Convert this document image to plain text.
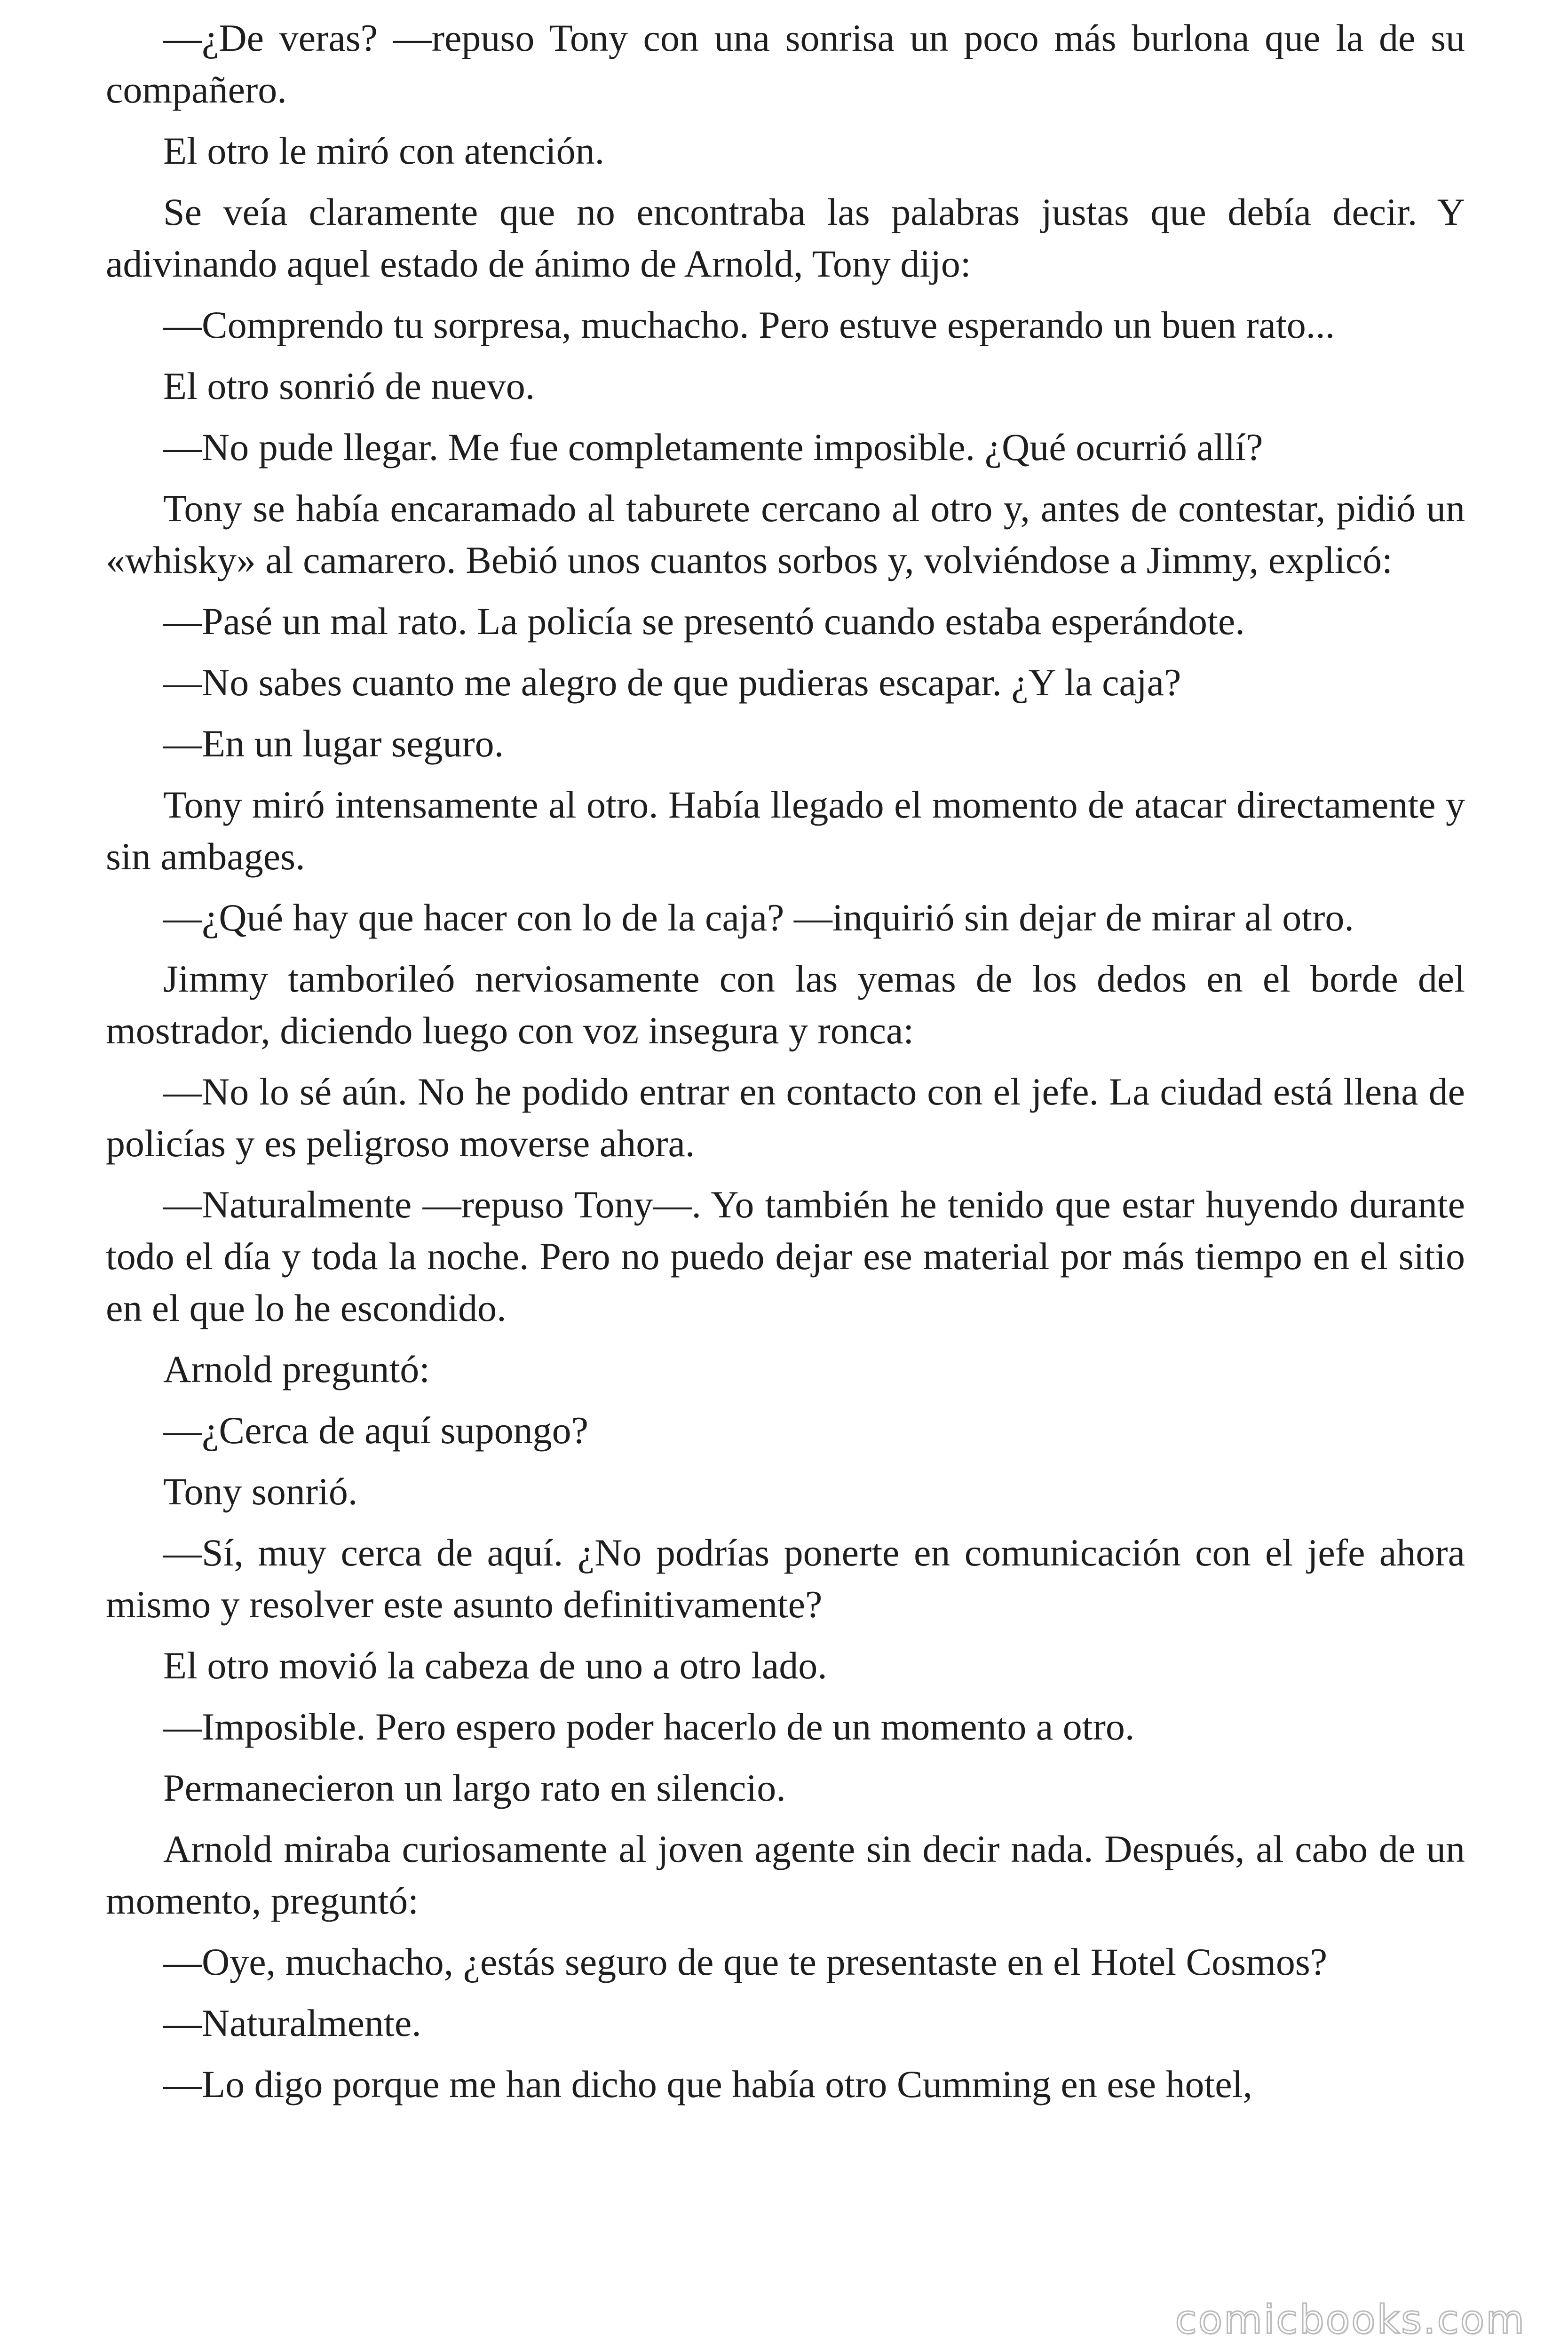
—¿De veras? —repuso Tony con una sonrisa un poco más burlona que la de su compañero.

El otro le miró con atención.

Se veía claramente que no encontraba las palabras justas que debía decir. Y adivinando aquel estado de ánimo de Arnold, Tony dijo:

—Comprendo tu sorpresa, muchacho. Pero estuve esperando un buen rato...

El otro sonrió de nuevo.

—No pude llegar. Me fue completamente imposible. ¿Qué ocurrió allí?

Tony se había encaramado al taburete cercano al otro y, antes de contestar, pidió un «whisky» al camarero. Bebió unos cuantos sorbos y, volviéndose a Jimmy, explicó:

—Pasé un mal rato. La policía se presentó cuando estaba esperándote.

—No sabes cuanto me alegro de que pudieras escapar. ¿Y la caja?

—En un lugar seguro.

Tony miró intensamente al otro. Había llegado el momento de atacar directamente y sin ambages.

—¿Qué hay que hacer con lo de la caja? —inquirió sin dejar de mirar al otro.

Jimmy tamborileó nerviosamente con las yemas de los dedos en el borde del mostrador, diciendo luego con voz insegura y ronca:

—No lo sé aún. No he podido entrar en contacto con el jefe. La ciudad está llena de policías y es peligroso moverse ahora.

—Naturalmente —repuso Tony—. Yo también he tenido que estar huyendo durante todo el día y toda la noche. Pero no puedo dejar ese material por más tiempo en el sitio en el que lo he escondido.

Arnold preguntó:

—¿Cerca de aquí supongo?

Tony sonrió.

—Sí, muy cerca de aquí. ¿No podrías ponerte en comunicación con el jefe ahora mismo y resolver este asunto definitivamente?

El otro movió la cabeza de uno a otro lado.

—Imposible. Pero espero poder hacerlo de un momento a otro.

Permanecieron un largo rato en silencio.

Arnold miraba curiosamente al joven agente sin decir nada. Después, al cabo de un momento, preguntó:

—Oye, muchacho, ¿estás seguro de que te presentaste en el Hotel Cosmos?

—Naturalmente.

—Lo digo porque me han dicho que había otro Cumming en ese hotel,

comicbooks.com
